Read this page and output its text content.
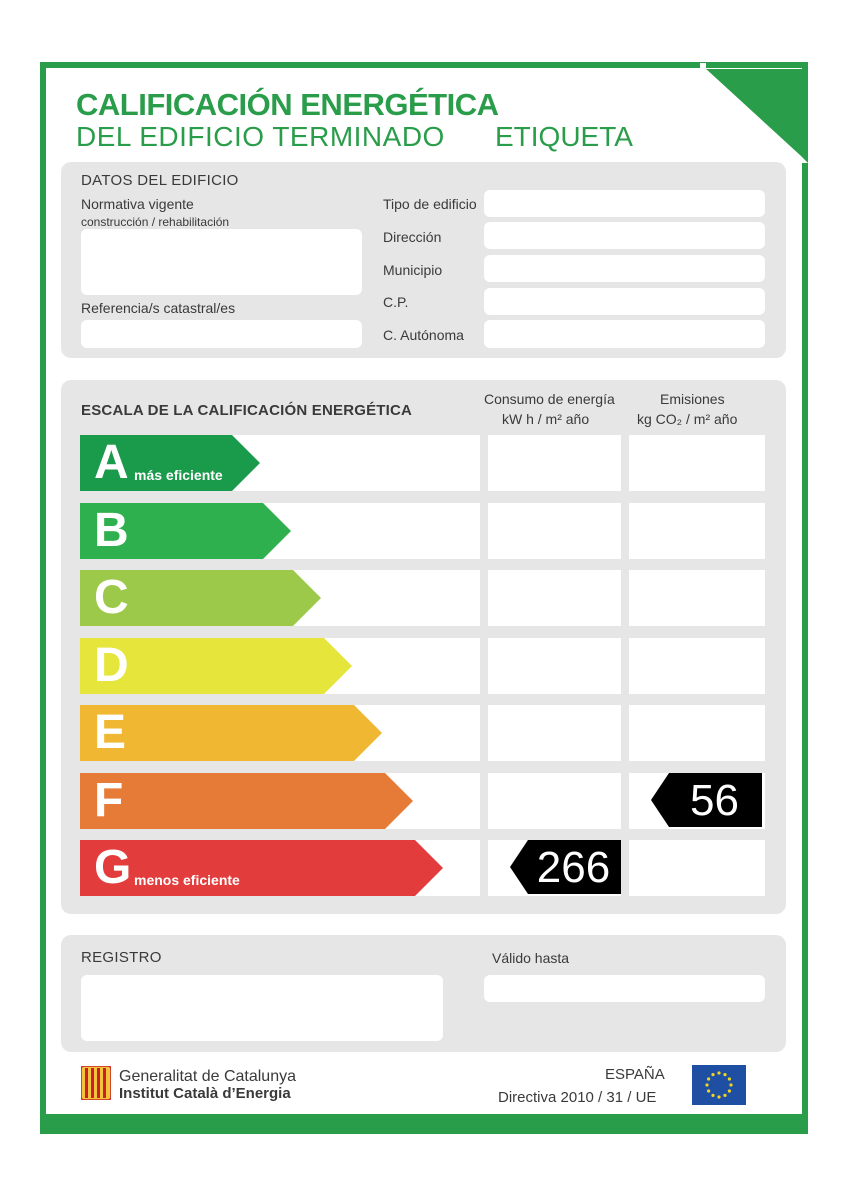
CALIFICACIÓN ENERGÉTICA
DEL EDIFICIO TERMINADO ETIQUETA
DATOS DEL EDIFICIO
Normativa vigente
construcción / rehabilitación
Referencia/s catastral/es
Tipo de edificio
Dirección
Municipio
C.P.
C. Autónoma
ESCALA DE LA CALIFICACIÓN ENERGÉTICA
Consumo de energía
kW h / m² año
Emisiones
kg CO₂ / m² año
A más eficiente
B
C
D
E
F
G menos eficiente	266
56
REGISTRO	Válido hasta
Generalitat de Catalunya
Institut Català d’Energia
ESPAÑA
Directiva 2010 / 31 / UE
